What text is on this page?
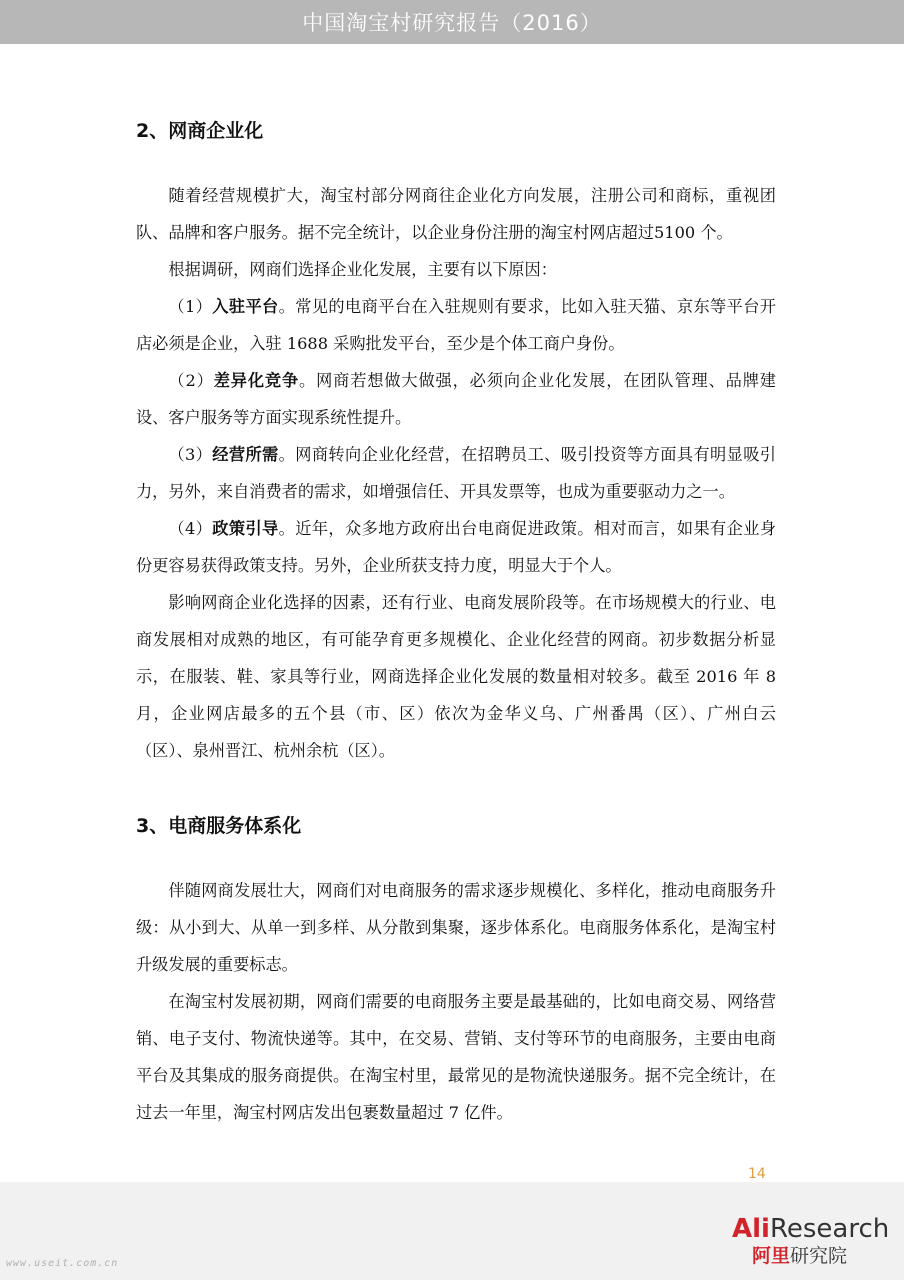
中国淘宝村研究报告（2016）
2、网商企业化

随着经营规模扩大，淘宝村部分网商往企业化方向发展，注册公司和商标，重视团队、品牌和客户服务。据不完全统计，以企业身份注册的淘宝村网店超过5100 个。

根据调研，网商们选择企业化发展，主要有以下原因：

（1）入驻平台。常见的电商平台在入驻规则有要求，比如入驻天猫、京东等平台开店必须是企业，入驻 1688 采购批发平台，至少是个体工商户身份。

（2）差异化竞争。网商若想做大做强，必须向企业化发展，在团队管理、品牌建设、客户服务等方面实现系统性提升。

（3）经营所需。网商转向企业化经营，在招聘员工、吸引投资等方面具有明显吸引力，另外，来自消费者的需求，如增强信任、开具发票等，也成为重要驱动力之一。

（4）政策引导。近年，众多地方政府出台电商促进政策。相对而言，如果有企业身份更容易获得政策支持。另外，企业所获支持力度，明显大于个人。

影响网商企业化选择的因素，还有行业、电商发展阶段等。在市场规模大的行业、电商发展相对成熟的地区，有可能孕育更多规模化、企业化经营的网商。初步数据分析显示，在服装、鞋、家具等行业，网商选择企业化发展的数量相对较多。截至 2016 年 8 月，企业网店最多的五个县（市、区）依次为金华义乌、广州番禺（区）、广州白云（区）、泉州晋江、杭州余杭（区）。

3、电商服务体系化

伴随网商发展壮大，网商们对电商服务的需求逐步规模化、多样化，推动电商服务升级：从小到大、从单一到多样、从分散到集聚，逐步体系化。电商服务体系化，是淘宝村升级发展的重要标志。

在淘宝村发展初期，网商们需要的电商服务主要是最基础的，比如电商交易、网络营销、电子支付、物流快递等。其中，在交易、营销、支付等环节的电商服务，主要由电商平台及其集成的服务商提供。在淘宝村里，最常见的是物流快递服务。据不完全统计，在过去一年里，淘宝村网店发出包裹数量超过 7 亿件。

14
www.useit.com.cn
AliResearch
阿里研究院
